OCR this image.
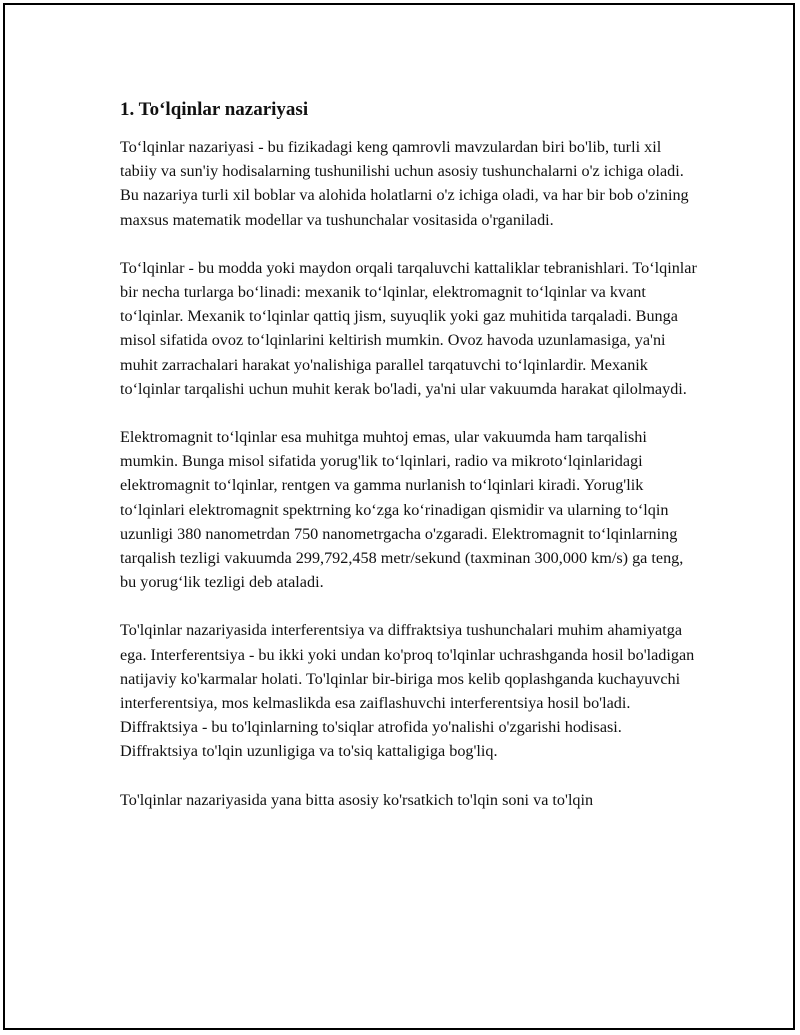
1. To‘lqinlar nazariyasi

To‘lqinlar nazariyasi - bu fizikadagi keng qamrovli mavzulardan biri bo'lib, turli xil tabiiy va sun'iy hodisalarning tushunilishi uchun asosiy tushunchalarni o'z ichiga oladi. Bu nazariya turli xil boblar va alohida holatlarni o'z ichiga oladi, va har bir bob o'zining maxsus matematik modellar va tushunchalar vositasida o'rganiladi.

To‘lqinlar - bu modda yoki maydon orqali tarqaluvchi kattaliklar tebranishlari. To‘lqinlar bir necha turlarga bo‘linadi: mexanik to‘lqinlar, elektromagnit to‘lqinlar va kvant to‘lqinlar. Mexanik to‘lqinlar qattiq jism, suyuqlik yoki gaz muhitida tarqaladi. Bunga misol sifatida ovoz to‘lqinlarini keltirish mumkin. Ovoz havoda uzunlamasiga, ya'ni muhit zarrachalari harakat yo'nalishiga parallel tarqatuvchi to‘lqinlardir. Mexanik to‘lqinlar tarqalishi uchun muhit kerak bo'ladi, ya'ni ular vakuumda harakat qilolmaydi.

Elektromagnit to‘lqinlar esa muhitga muhtoj emas, ular vakuumda ham tarqalishi mumkin. Bunga misol sifatida yorug'lik to‘lqinlari, radio va mikroto‘lqinlaridagi elektromagnit to‘lqinlar, rentgen va gamma nurlanish to‘lqinlari kiradi. Yorug'lik to‘lqinlari elektromagnit spektrning ko‘zga ko‘rinadigan qismidir va ularning to‘lqin uzunligi 380 nanometrdan 750 nanometrgacha o'zgaradi. Elektromagnit to‘lqinlarning tarqalish tezligi vakuumda 299,792,458 metr/sekund (taxminan 300,000 km/s) ga teng, bu yorug‘lik tezligi deb ataladi.

To'lqinlar nazariyasida interferentsiya va diffraktsiya tushunchalari muhim ahamiyatga ega. Interferentsiya - bu ikki yoki undan ko'proq to'lqinlar uchrashganda hosil bo'ladigan natijaviy ko'karmalar holati. To'lqinlar bir-biriga mos kelib qoplashganda kuchayuvchi interferentsiya, mos kelmaslikda esa zaiflashuvchi interferentsiya hosil bo'ladi. Diffraktsiya - bu to'lqinlarning to'siqlar atrofida yo'nalishi o'zgarishi hodisasi. Diffraktsiya to'lqin uzunligiga va to'siq kattaligiga bog'liq.

To'lqinlar nazariyasida yana bitta asosiy ko'rsatkich to'lqin soni va to'lqin
